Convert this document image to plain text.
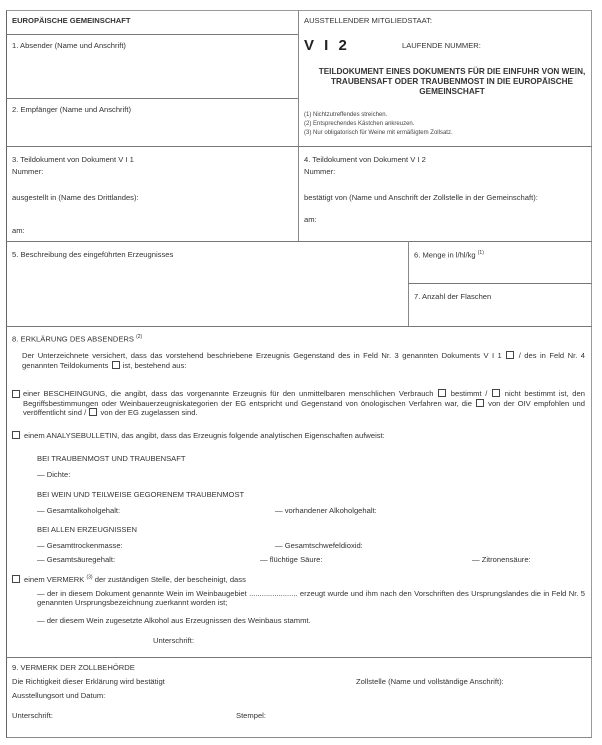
EUROPÄISCHE GEMEINSCHAFT
1. Absender (Name und Anschrift)
2. Empfänger (Name und Anschrift)
AUSSTELLENDER MITGLIEDSTAAT:
V I 2	LAUFENDE NUMMER:
TEILDOKUMENT EINES DOKUMENTS FÜR DIE EINFUHR VON WEIN, TRAUBENSAFT ODER TRAUBENMOST IN DIE EUROPÄISCHE GEMEINSCHAFT
(1) Nichtzutreffendes streichen.
(2) Entsprechendes Kästchen ankreuzen.
(3) Nur obligatorisch für Weine mit ermäßigtem Zollsatz.
3. Teildokument von Dokument V I 1
Nummer:
ausgestellt in (Name des Drittlandes):
am:
4. Teildokument von Dokument V I 2
Nummer:
bestätigt von (Name und Anschrift der Zollstelle in der Gemeinschaft):
am:
5. Beschreibung des eingeführten Erzeugnisses	6. Menge in l/hl/kg $^{(1)}$
7. Anzahl der Flaschen
8. ERKLÄRUNG DES ABSENDERS $^{(2)}$
Der Unterzeichnete versichert, dass das vorstehend beschriebene Erzeugnis Gegenstand des in Feld Nr. 3 genannten Dokuments V I 1 / des in Feld Nr. 4 genannten Teildokuments ist, bestehend aus:
einer BESCHEINGUNG, die angibt, dass das vorgenannte Erzeugnis für den unmittelbaren menschlichen Verbrauch bestimmt / nicht bestimmt ist, den Begriffsbestimmungen oder Weinbauerzeugniskategorien der EG entspricht und Gegenstand von önologischen Verfahren war, die von der OIV empfohlen und veröffentlicht sind / von der EG zugelassen sind.
einem ANALYSEBULLETIN, das angibt, dass das Erzeugnis folgende analytischen Eigenschaften aufweist:
BEI TRAUBENMOST UND TRAUBENSAFT
— Dichte:
BEI WEIN UND TEILWEISE GEGORENEM TRAUBENMOST
— Gesamtalkoholgehalt:	— vorhandener Alkoholgehalt:
BEI ALLEN ERZEUGNISSEN
— Gesamttrockenmasse:	— Gesamtschwefeldioxid:
— Gesamtsäuregehalt:	— flüchtige Säure:	— Zitronensäure:
einem VERMERK $^{(3)}$ der zuständigen Stelle, der bescheinigt, dass
— der in diesem Dokument genannte Wein im Weinbaugebiet ....................... erzeugt wurde und ihm nach den Vorschriften des Ursprungslandes die in Feld Nr. 5 genannten Ursprungsbezeichnung zuerkannt worden ist;
— der diesem Wein zugesetzte Alkohol aus Erzeugnissen des Weinbaus stammt.
Unterschrift:
9. VERMERK DER ZOLLBEHÖRDE
Die Richtigkeit dieser Erklärung wird bestätigt	Zollstelle (Name und vollständige Anschrift):
Ausstellungsort und Datum:
Unterschrift:	Stempel:
